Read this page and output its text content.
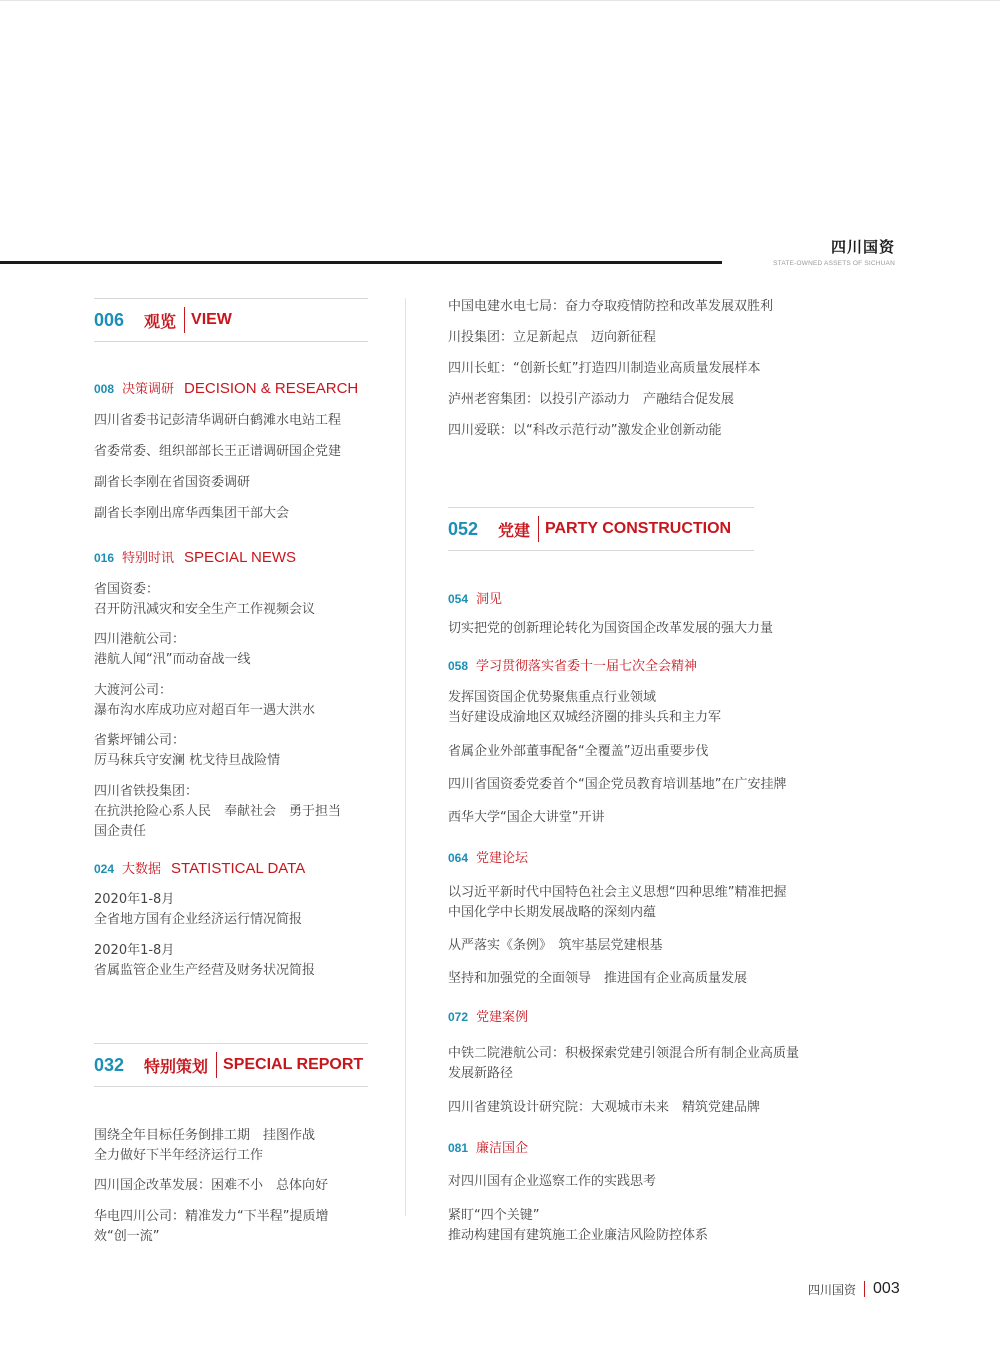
四川国资
STATE-OWNED ASSETS OF SICHUAN
006	观览 VIEW
008 决策调研 DECISION & RESEARCH
四川省委书记彭清华调研白鹤滩水电站工程
省委常委、组织部部长王正谱调研国企党建
副省长李刚在省国资委调研
副省长李刚出席华西集团干部大会
016 特别时讯 SPECIAL NEWS
省国资委：
召开防汛减灾和安全生产工作视频会议
四川港航公司：
港航人闻“汛”而动奋战一线
大渡河公司：
瀑布沟水库成功应对超百年一遇大洪水
省紫坪铺公司：
厉马秣兵守安澜 枕戈待旦战险情
四川省铁投集团：
在抗洪抢险心系人民　奉献社会　勇于担当
国企责任
024 大数据 STATISTICAL DATA
2020年1-8月
全省地方国有企业经济运行情况简报
2020年1-8月
省属监管企业生产经营及财务状况简报
032	特别策划 SPECIAL REPORT
围绕全年目标任务倒排工期　挂图作战
全力做好下半年经济运行工作
四川国企改革发展：困难不小　总体向好
华电四川公司：精准发力“下半程”提质增
效“创一流”
中国电建水电七局：奋力夺取疫情防控和改革发展双胜利
川投集团：立足新起点　迈向新征程
四川长虹：“创新长虹”打造四川制造业高质量发展样本
泸州老窖集团：以投引产添动力　产融结合促发展
四川爱联：以“科改示范行动”激发企业创新动能
052	党建 PARTY CONSTRUCTION
054 洞见
切实把党的创新理论转化为国资国企改革发展的强大力量
058 学习贯彻落实省委十一届七次全会精神
发挥国资国企优势聚焦重点行业领域
当好建设成渝地区双城经济圈的排头兵和主力军
省属企业外部董事配备“全覆盖”迈出重要步伐
四川省国资委党委首个“国企党员教育培训基地”在广安挂牌
西华大学“国企大讲堂”开讲
064 党建论坛
以习近平新时代中国特色社会主义思想“四种思维”精准把握
中国化学中长期发展战略的深刻内蕴
从严落实《条例》　筑牢基层党建根基
坚持和加强党的全面领导　推进国有企业高质量发展
072 党建案例
中铁二院港航公司：积极探索党建引领混合所有制企业高质量
发展新路径
四川省建筑设计研究院：大观城市未来　精筑党建品牌
081 廉洁国企
对四川国有企业巡察工作的实践思考
紧盯“四个关键”
推动构建国有建筑施工企业廉洁风险防控体系
四川国资 003
